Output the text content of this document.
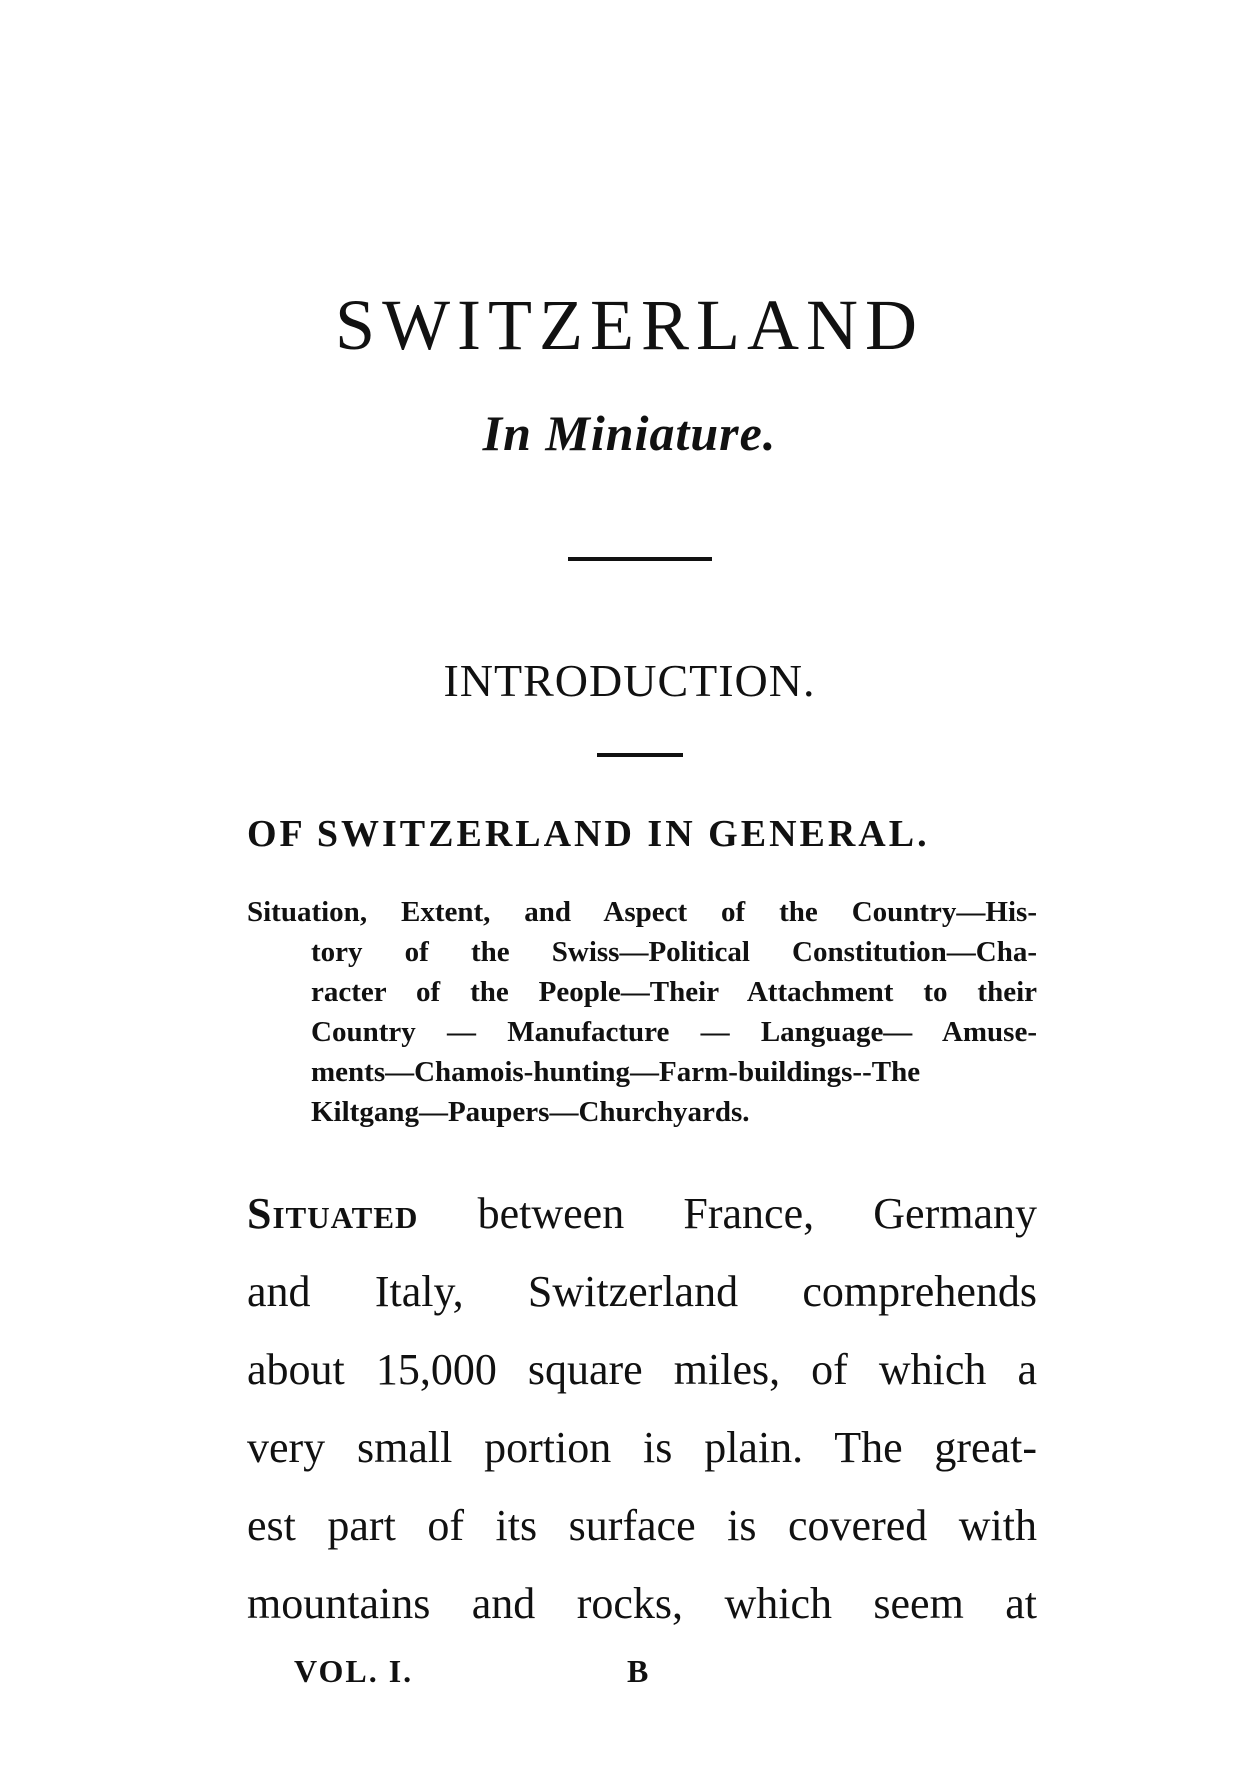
SWITZERLAND
In Miniature.
INTRODUCTION.
OF SWITZERLAND IN GENERAL.
Situation, Extent, and Aspect of the Country—His-
tory of the Swiss—Political Constitution—Cha-
racter of the People—Their Attachment to their
Country — Manufacture — Language— Amuse-
ments—Chamois-hunting—Farm-buildings--The
Kiltgang—Paupers—Churchyards.
Situated between France, Germany
and Italy, Switzerland comprehends
about 15,000 square miles, of which a
very small portion is plain. The great-
est part of its surface is covered with
mountains and rocks, which seem at
VOL. I.	B
